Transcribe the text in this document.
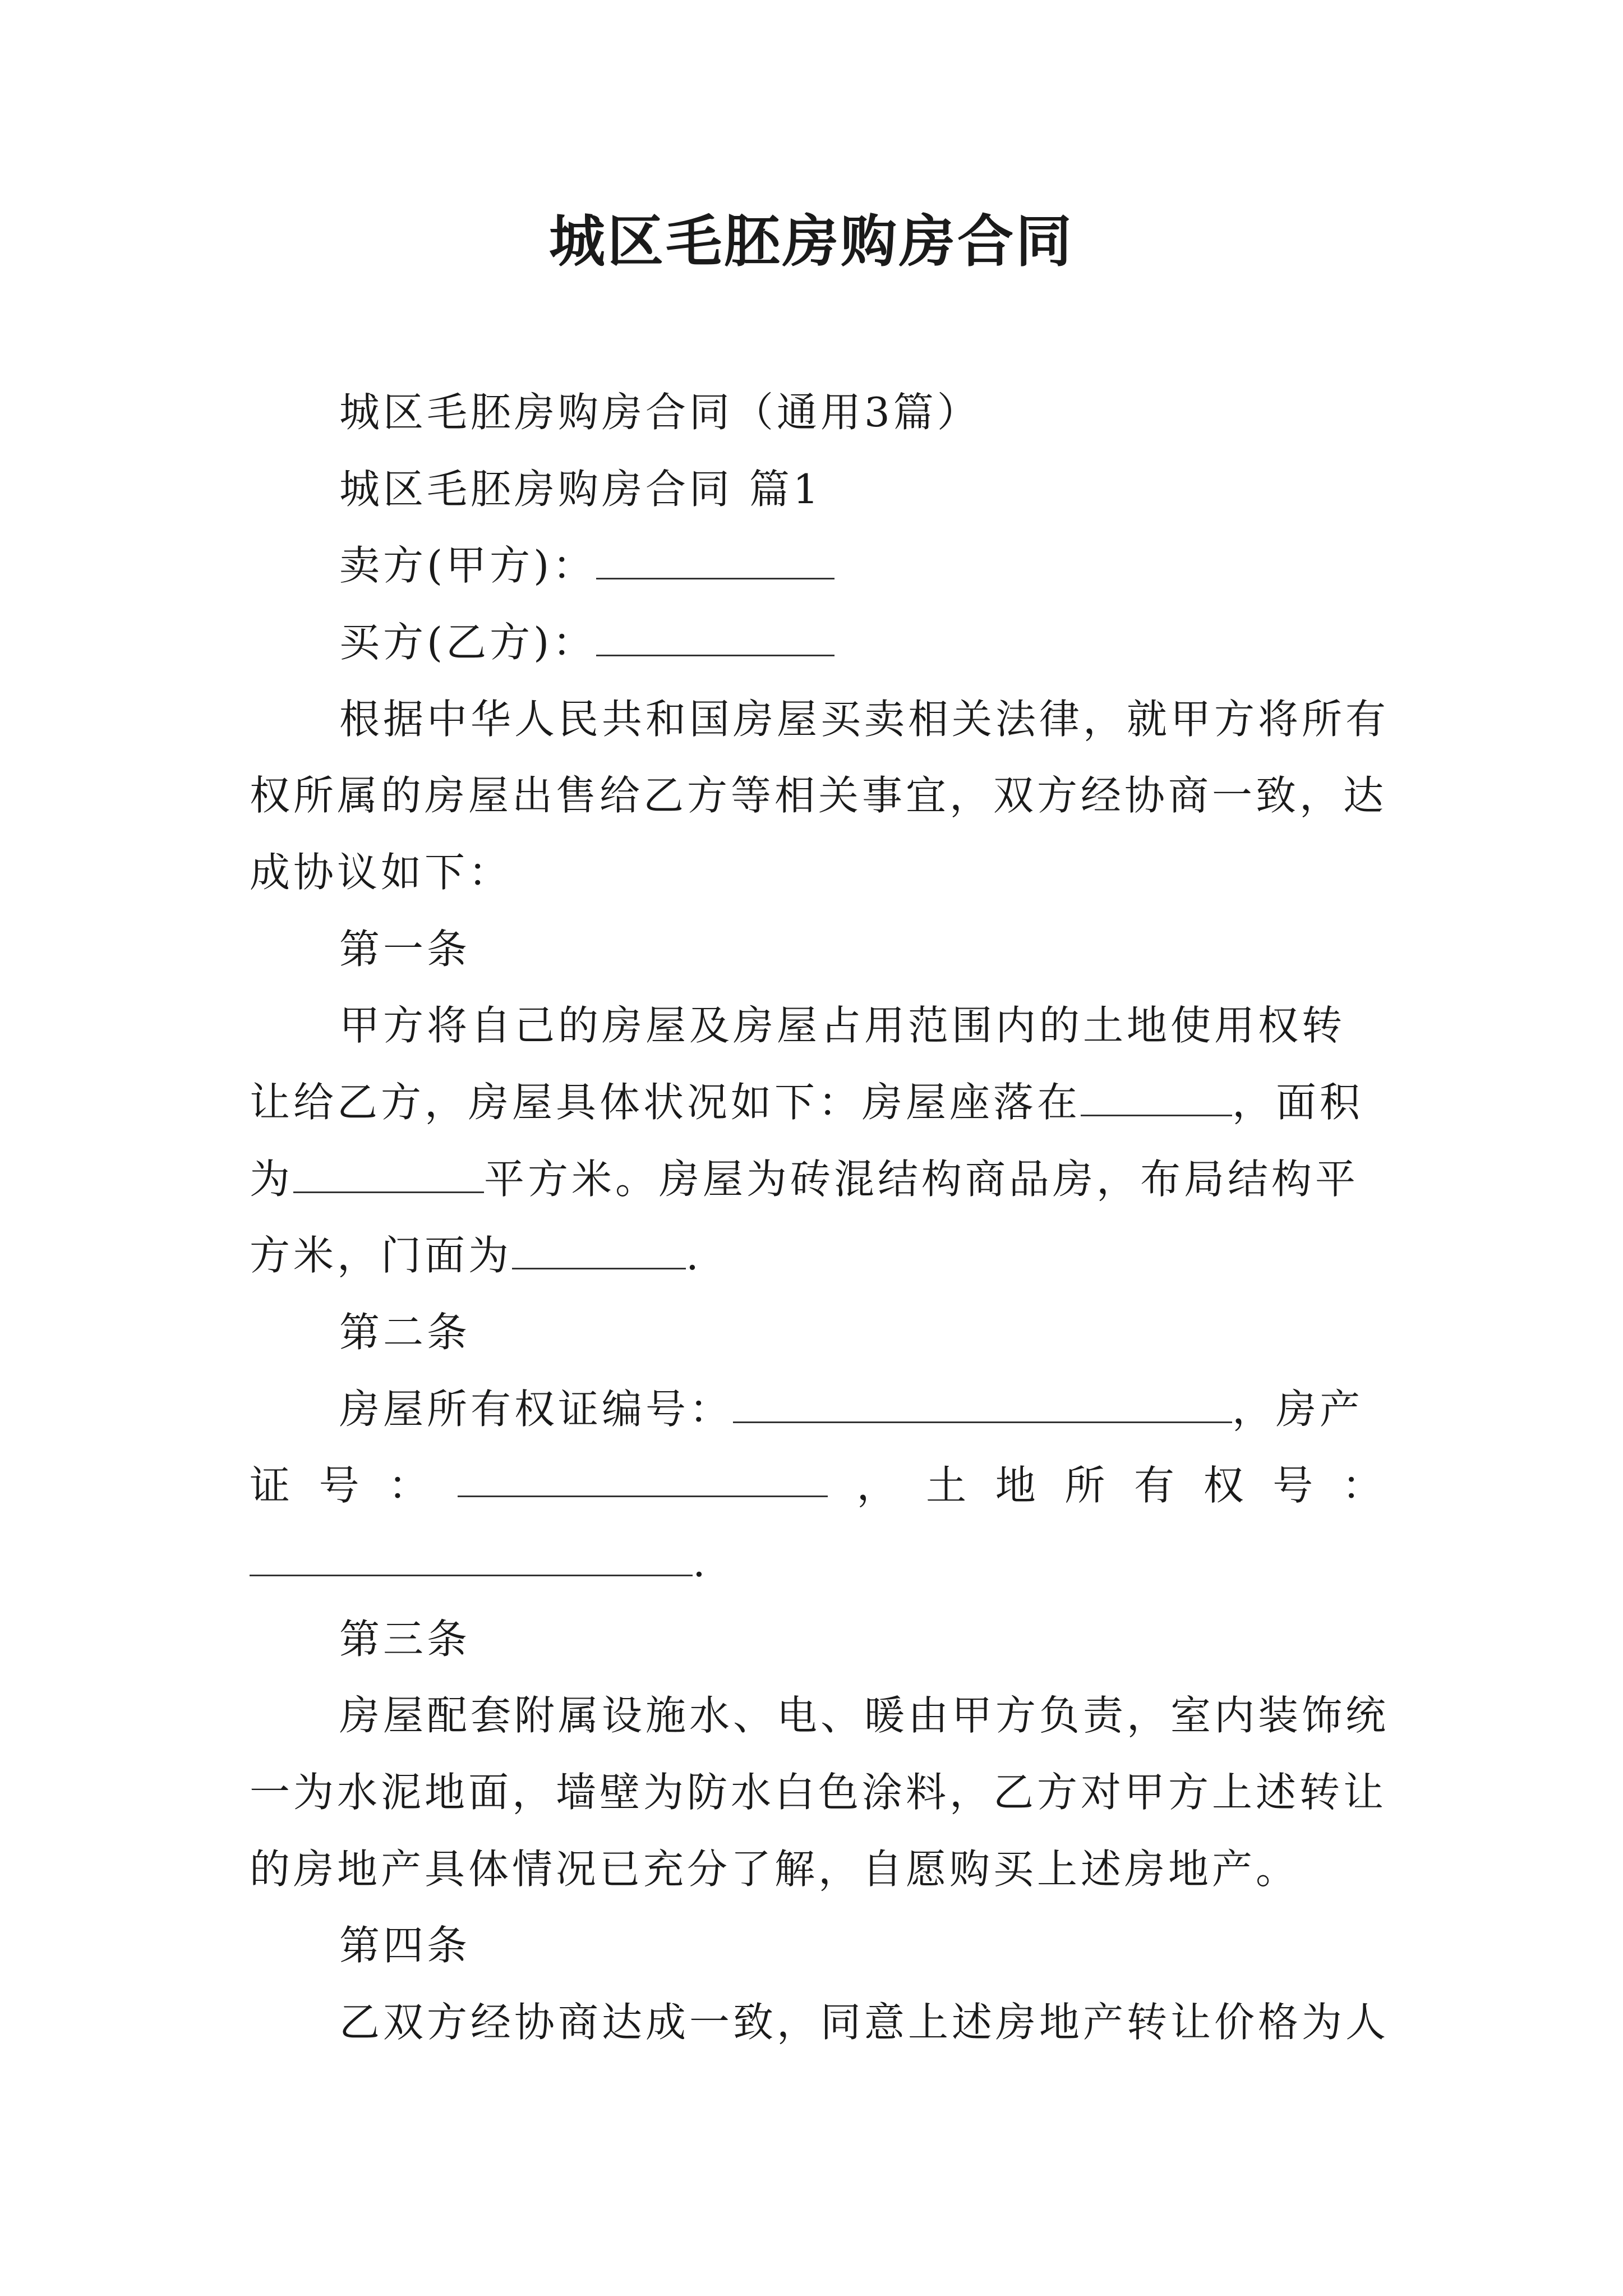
城区毛胚房购房合同
城区毛胚房购房合同（通用3篇）
城区毛胚房购房合同 篇1
卖方(甲方)：
买方(乙方)：
根据中华人民共和国房屋买卖相关法律，就甲方将所有
权所属的房屋出售给乙方等相关事宜，双方经协商一致，达
成协议如下：
第一条
甲方将自己的房屋及房屋占用范围内的土地使用权转
让给乙方，房屋具体状况如下：房屋座落在	，面积
为	平方米。房屋为砖混结构商品房，布局结构平
方米，门面为	.
第二条
房屋所有权证编号：	，房产
证 号 ：	， 土 地 所 有 权 号 ：
.
第三条
房屋配套附属设施水、电、暖由甲方负责，室内装饰统
一为水泥地面，墙壁为防水白色涂料，乙方对甲方上述转让
的房地产具体情况已充分了解，自愿购买上述房地产。
第四条
乙双方经协商达成一致，同意上述房地产转让价格为人
